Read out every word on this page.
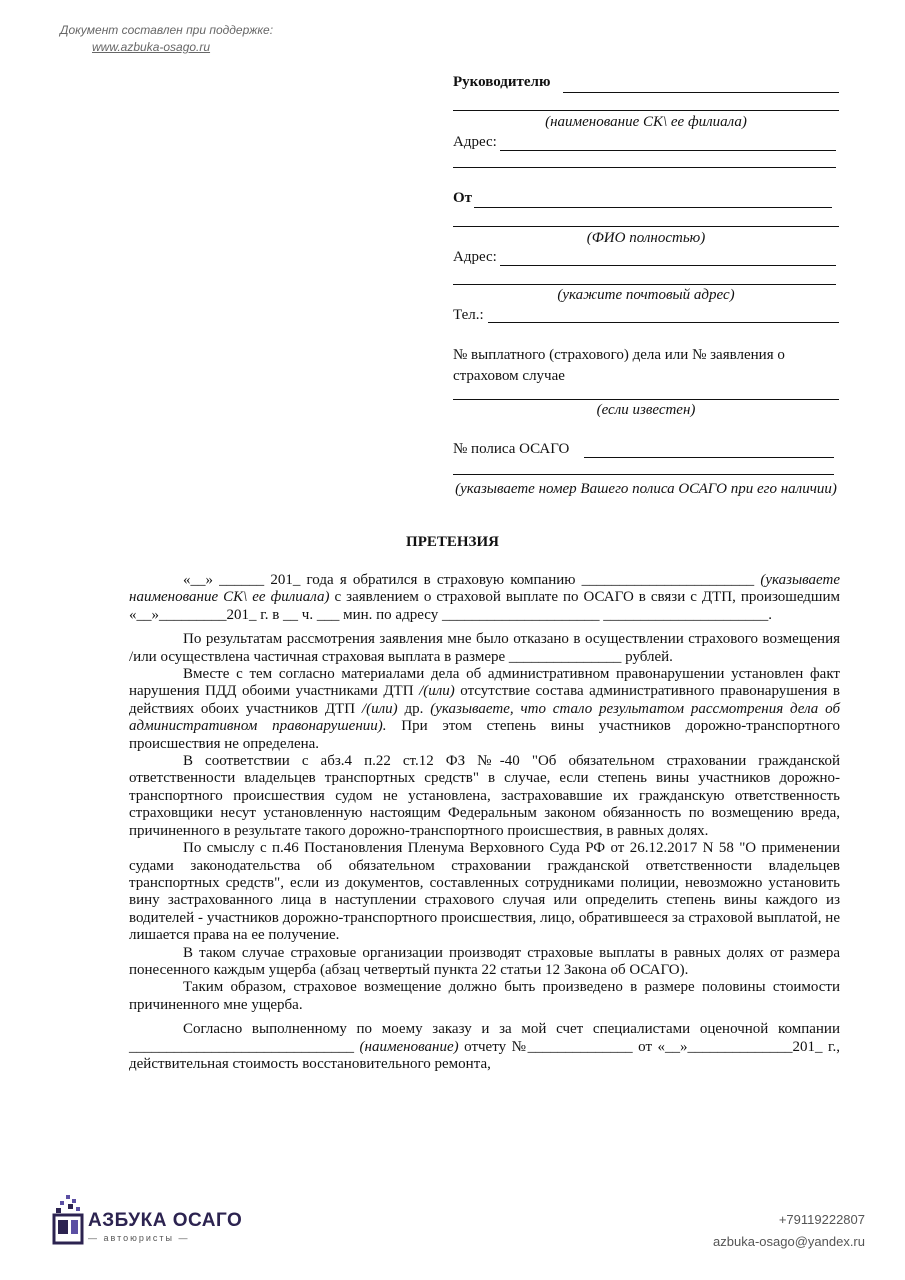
Документ составлен при поддержке:
www.azbuka-osago.ru
Руководителю
(наименование СК\ ее филиала)
Адрес:
От
(ФИО полностью)
Адрес:
(укажите почтовый адрес)
Тел.:
№ выплатного (страхового) дела или № заявления о страховом случае
(если известен)
№ полиса ОСАГО
(указываете номер Вашего полиса ОСАГО при его наличии)
ПРЕТЕНЗИЯ

«__» ______ 201_ года я обратился в страховую компанию _______________________ (указываете наименование СК\ ее филиала) с заявлением о страховой выплате по ОСАГО в связи с ДТП, произошедшим «__»_________201_ г. в __ ч. ___ мин. по адресу _____________________ ______________________.

По результатам рассмотрения заявления мне было отказано в осуществлении страхового возмещения /или осуществлена частичная страховая выплата в размере _______________ рублей.

Вместе с тем согласно материалами дела об административном правонарушении установлен факт нарушения ПДД обоими участниками ДТП /(или) отсутствие состава административного правонарушения в действиях обоих участников ДТП /(или) др. (указываете, что стало результатом рассмотрения дела об административном правонарушении). При этом степень вины участников дорожно-транспортного происшествия не определена.

В соответствии с абз.4 п.22 ст.12 ФЗ №-40 "Об обязательном страховании гражданской ответственности владельцев транспортных средств" в случае, если степень вины участников дорожно-транспортного происшествия судом не установлена, застраховавшие их гражданскую ответственность страховщики несут установленную настоящим Федеральным законом обязанность по возмещению вреда, причиненного в результате такого дорожно-транспортного происшествия, в равных долях.

По смыслу с п.46 Постановления Пленума Верховного Суда РФ от 26.12.2017 N 58 "О применении судами законодательства об обязательном страховании гражданской ответственности владельцев транспортных средств", если из документов, составленных сотрудниками полиции, невозможно установить вину застрахованного лица в наступлении страхового случая или определить степень вины каждого из водителей - участников дорожно-транспортного происшествия, лицо, обратившееся за страховой выплатой, не лишается права на ее получение.

В таком случае страховые организации производят страховые выплаты в равных долях от размера понесенного каждым ущерба (абзац четвертый пункта 22 статьи 12 Закона об ОСАГО).

Таким образом, страховое возмещение должно быть произведено в размере половины стоимости причиненного мне ущерба.

Согласно выполненному по моему заказу и за мой счет специалистами оценочной компании ______________________________ (наименование) отчету №______________ от «__»______________201_ г., действительная стоимость восстановительного ремонта,

АЗБУКА ОСАГО
— автоюристы —
+79119222807
azbuka-osago@yandex.ru
